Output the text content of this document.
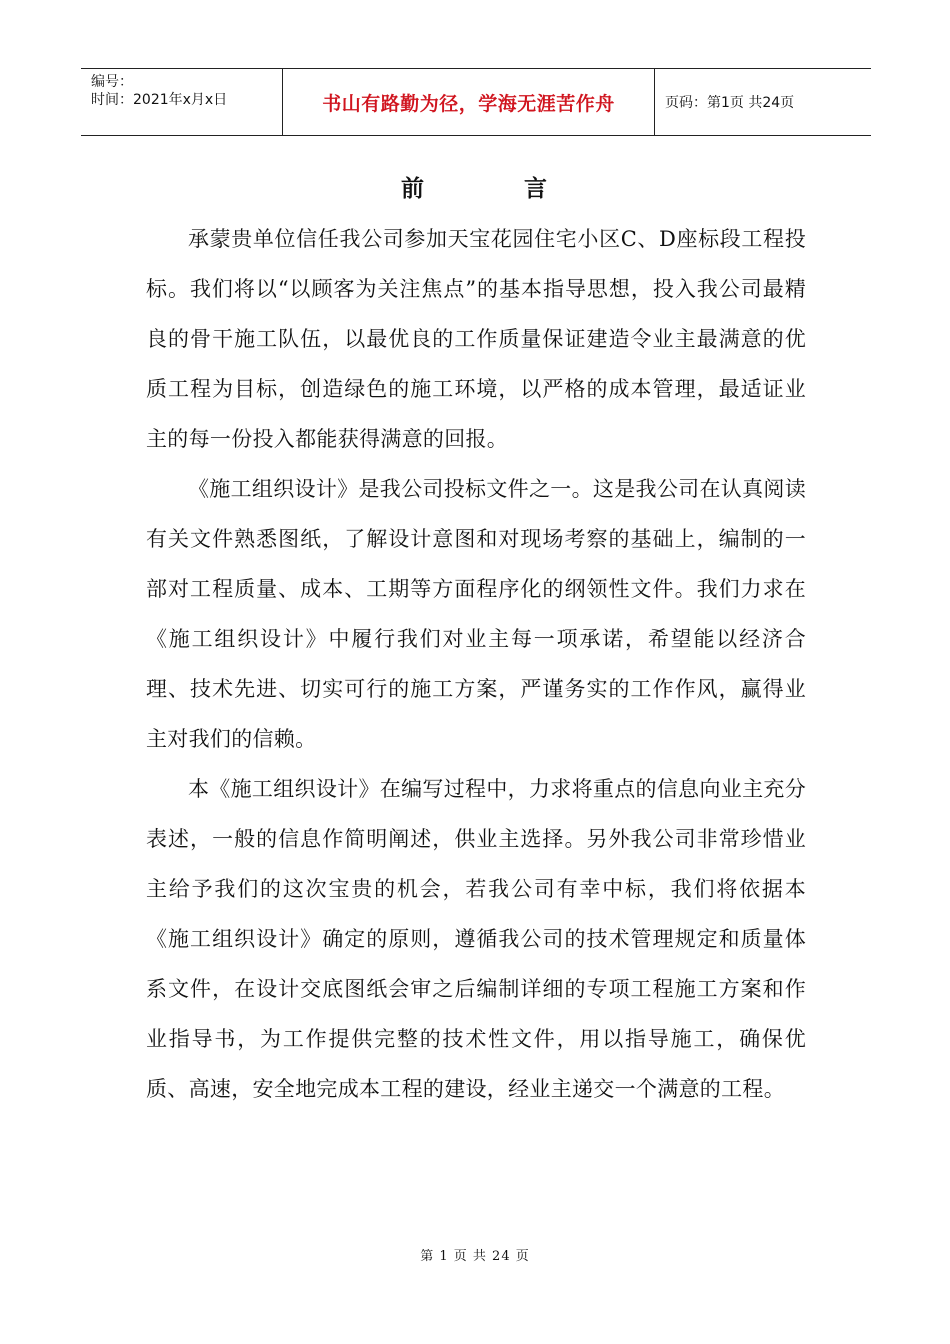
编号：
时间：2021年x月x日	书山有路勤为径，学海无涯苦作舟	页码：第1页 共24页
前	言

承蒙贵单位信任我公司参加天宝花园住宅小区C、D座标段工程投标。我们将以“以顾客为关注焦点”的基本指导思想，投入我公司最精良的骨干施工队伍，以最优良的工作质量保证建造令业主最满意的优质工程为目标，创造绿色的施工环境，以严格的成本管理，最适证业主的每一份投入都能获得满意的回报。

《施工组织设计》是我公司投标文件之一。这是我公司在认真阅读有关文件熟悉图纸，了解设计意图和对现场考察的基础上，编制的一部对工程质量、成本、工期等方面程序化的纲领性文件。我们力求在《施工组织设计》中履行我们对业主每一项承诺，希望能以经济合理、技术先进、切实可行的施工方案，严谨务实的工作作风，赢得业主对我们的信赖。

本《施工组织设计》在编写过程中，力求将重点的信息向业主充分表述，一般的信息作简明阐述，供业主选择。另外我公司非常珍惜业主给予我们的这次宝贵的机会，若我公司有幸中标，我们将依据本《施工组织设计》确定的原则，遵循我公司的技术管理规定和质量体系文件，在设计交底图纸会审之后编制详细的专项工程施工方案和作业指导书，为工作提供完整的技术性文件，用以指导施工，确保优质、高速，安全地完成本工程的建设，经业主递交一个满意的工程。

第 1 页 共 24 页
